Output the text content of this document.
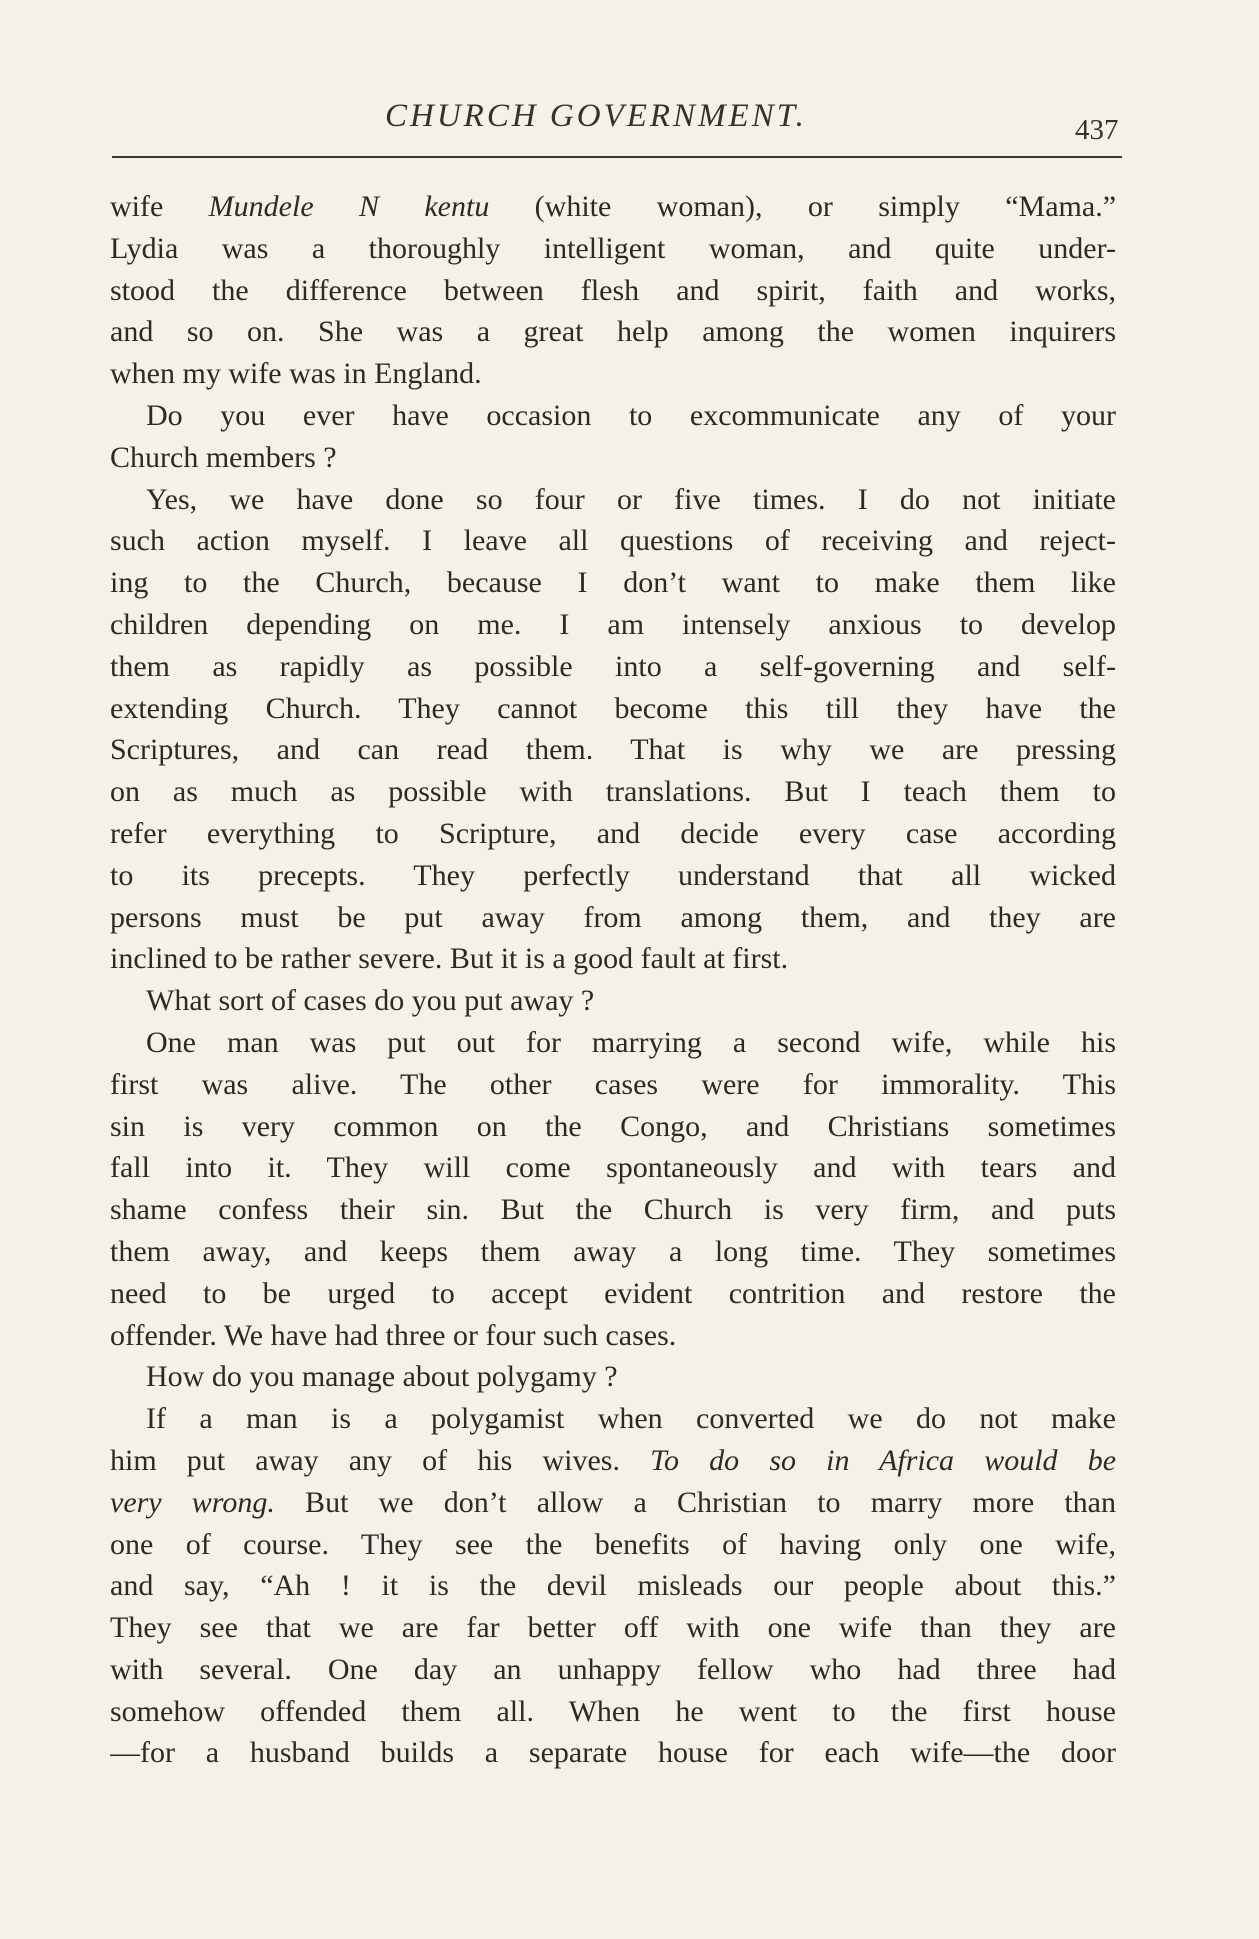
CHURCH GOVERNMENT.	437
wife Mundele N kentu (white woman), or simply “Mama.”
Lydia was a thoroughly intelligent woman, and quite under-
stood the difference between flesh and spirit, faith and works,
and so on. She was a great help among the women inquirers
when my wife was in England.
Do you ever have occasion to excommunicate any of your
Church members ?
Yes, we have done so four or five times. I do not initiate
such action myself. I leave all questions of receiving and reject-
ing to the Church, because I don’t want to make them like
children depending on me. I am intensely anxious to develop
them as rapidly as possible into a self-governing and self-
extending Church. They cannot become this till they have the
Scriptures, and can read them. That is why we are pressing
on as much as possible with translations. But I teach them to
refer everything to Scripture, and decide every case according
to its precepts. They perfectly understand that all wicked
persons must be put away from among them, and they are
inclined to be rather severe. But it is a good fault at first.
What sort of cases do you put away ?
One man was put out for marrying a second wife, while his
first was alive. The other cases were for immorality. This
sin is very common on the Congo, and Christians sometimes
fall into it. They will come spontaneously and with tears and
shame confess their sin. But the Church is very firm, and puts
them away, and keeps them away a long time. They sometimes
need to be urged to accept evident contrition and restore the
offender. We have had three or four such cases.
How do you manage about polygamy ?
If a man is a polygamist when converted we do not make
him put away any of his wives. To do so in Africa would be
very wrong. But we don’t allow a Christian to marry more than
one of course. They see the benefits of having only one wife,
and say, “Ah ! it is the devil misleads our people about this.”
They see that we are far better off with one wife than they are
with several. One day an unhappy fellow who had three had
somehow offended them all. When he went to the first house
—for a husband builds a separate house for each wife—the door
